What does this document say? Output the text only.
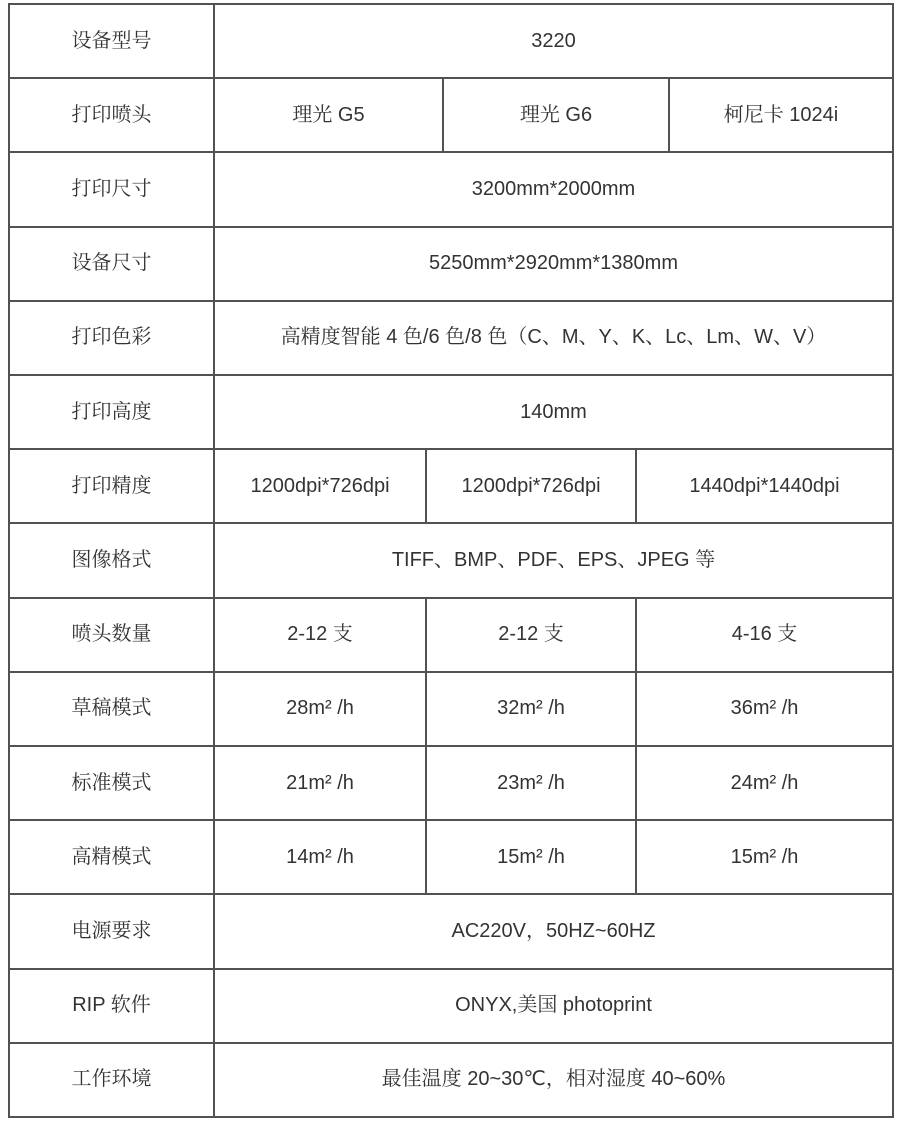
设备型号	3220
打印喷头	理光 G5	理光 G6	柯尼卡 1024i
打印尺寸	3200mm*2000mm
设备尺寸	5250mm*2920mm*1380mm
打印色彩	高精度智能 4 色/6 色/8 色（C、M、Y、K、Lc、Lm、W、V）
打印高度	140mm
打印精度	1200dpi*726dpi	1200dpi*726dpi	1440dpi*1440dpi
图像格式	TIFF、BMP、PDF、EPS、JPEG 等
喷头数量	2-12 支	2-12 支	4-16 支
草稿模式	28m² /h	32m² /h	36m² /h
标准模式	21m² /h	23m² /h	24m² /h
高精模式	14m² /h	15m² /h	15m² /h
电源要求	AC220V，50HZ~60HZ
RIP 软件	ONYX,美国 photoprint
工作环境	最佳温度 20~30℃，相对湿度 40~60%
